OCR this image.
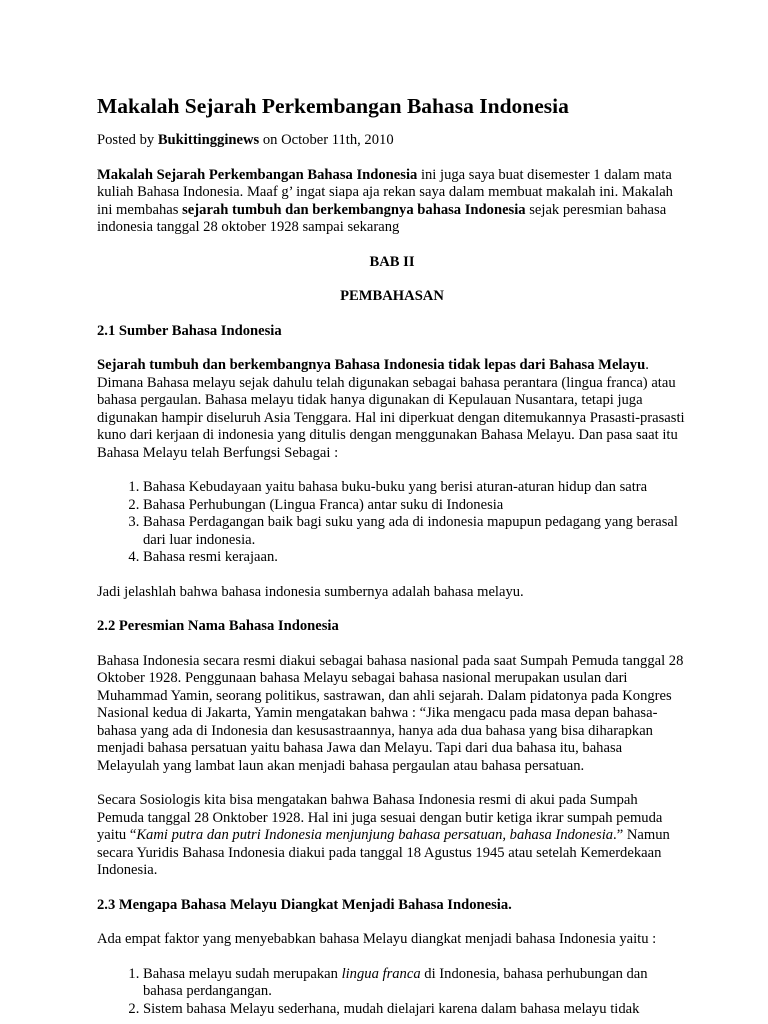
Makalah Sejarah Perkembangan Bahasa Indonesia

Posted by Bukittingginews on October 11th, 2010

Makalah Sejarah Perkembangan Bahasa Indonesia ini juga saya buat disemester 1 dalam mata kuliah Bahasa Indonesia. Maaf g’ ingat siapa aja rekan saya dalam membuat makalah ini. Makalah ini membahas sejarah tumbuh dan berkembangnya bahasa Indonesia sejak peresmian bahasa indonesia tanggal 28 oktober 1928 sampai sekarang

BAB II

PEMBAHASAN

2.1 Sumber Bahasa Indonesia

Sejarah tumbuh dan berkembangnya Bahasa Indonesia tidak lepas dari Bahasa Melayu. Dimana Bahasa melayu sejak dahulu telah digunakan sebagai bahasa perantara (lingua franca) atau bahasa pergaulan. Bahasa melayu tidak hanya digunakan di Kepulauan Nusantara, tetapi juga digunakan hampir diseluruh Asia Tenggara. Hal ini diperkuat dengan ditemukannya Prasasti-prasasti kuno dari kerjaan di indonesia yang ditulis dengan menggunakan Bahasa Melayu. Dan pasa saat itu Bahasa Melayu telah Berfungsi Sebagai :

1. Bahasa Kebudayaan yaitu bahasa buku-buku yang berisi aturan-aturan hidup dan satra
2. Bahasa Perhubungan (Lingua Franca) antar suku di Indonesia
3. Bahasa Perdagangan baik bagi suku yang ada di indonesia mapupun pedagang yang berasal dari luar indonesia.
4. Bahasa resmi kerajaan.

Jadi jelashlah bahwa bahasa indonesia sumbernya adalah bahasa melayu.

2.2 Peresmian Nama Bahasa Indonesia

Bahasa Indonesia secara resmi diakui sebagai bahasa nasional pada saat Sumpah Pemuda tanggal 28 Oktober 1928. Penggunaan bahasa Melayu sebagai bahasa nasional merupakan usulan dari Muhammad Yamin, seorang politikus, sastrawan, dan ahli sejarah. Dalam pidatonya pada Kongres Nasional kedua di Jakarta, Yamin mengatakan bahwa : “Jika mengacu pada masa depan bahasa-bahasa yang ada di Indonesia dan kesusastraannya, hanya ada dua bahasa yang bisa diharapkan menjadi bahasa persatuan yaitu bahasa Jawa dan Melayu. Tapi dari dua bahasa itu, bahasa Melayulah yang lambat laun akan menjadi bahasa pergaulan atau bahasa persatuan.

Secara Sosiologis kita bisa mengatakan bahwa Bahasa Indonesia resmi di akui pada Sumpah Pemuda tanggal 28 Onktober 1928. Hal ini juga sesuai dengan butir ketiga ikrar sumpah pemuda yaitu “Kami putra dan putri Indonesia menjunjung bahasa persatuan, bahasa Indonesia.” Namun secara Yuridis Bahasa Indonesia diakui pada tanggal 18 Agustus 1945 atau setelah Kemerdekaan Indonesia.

2.3 Mengapa Bahasa Melayu Diangkat Menjadi Bahasa Indonesia.

Ada empat faktor yang menyebabkan bahasa Melayu diangkat menjadi bahasa Indonesia yaitu :

1. Bahasa melayu sudah merupakan lingua franca di Indonesia, bahasa perhubungan dan bahasa perdangangan.
2. Sistem bahasa Melayu sederhana, mudah dielajari karena dalam bahasa melayu tidak
